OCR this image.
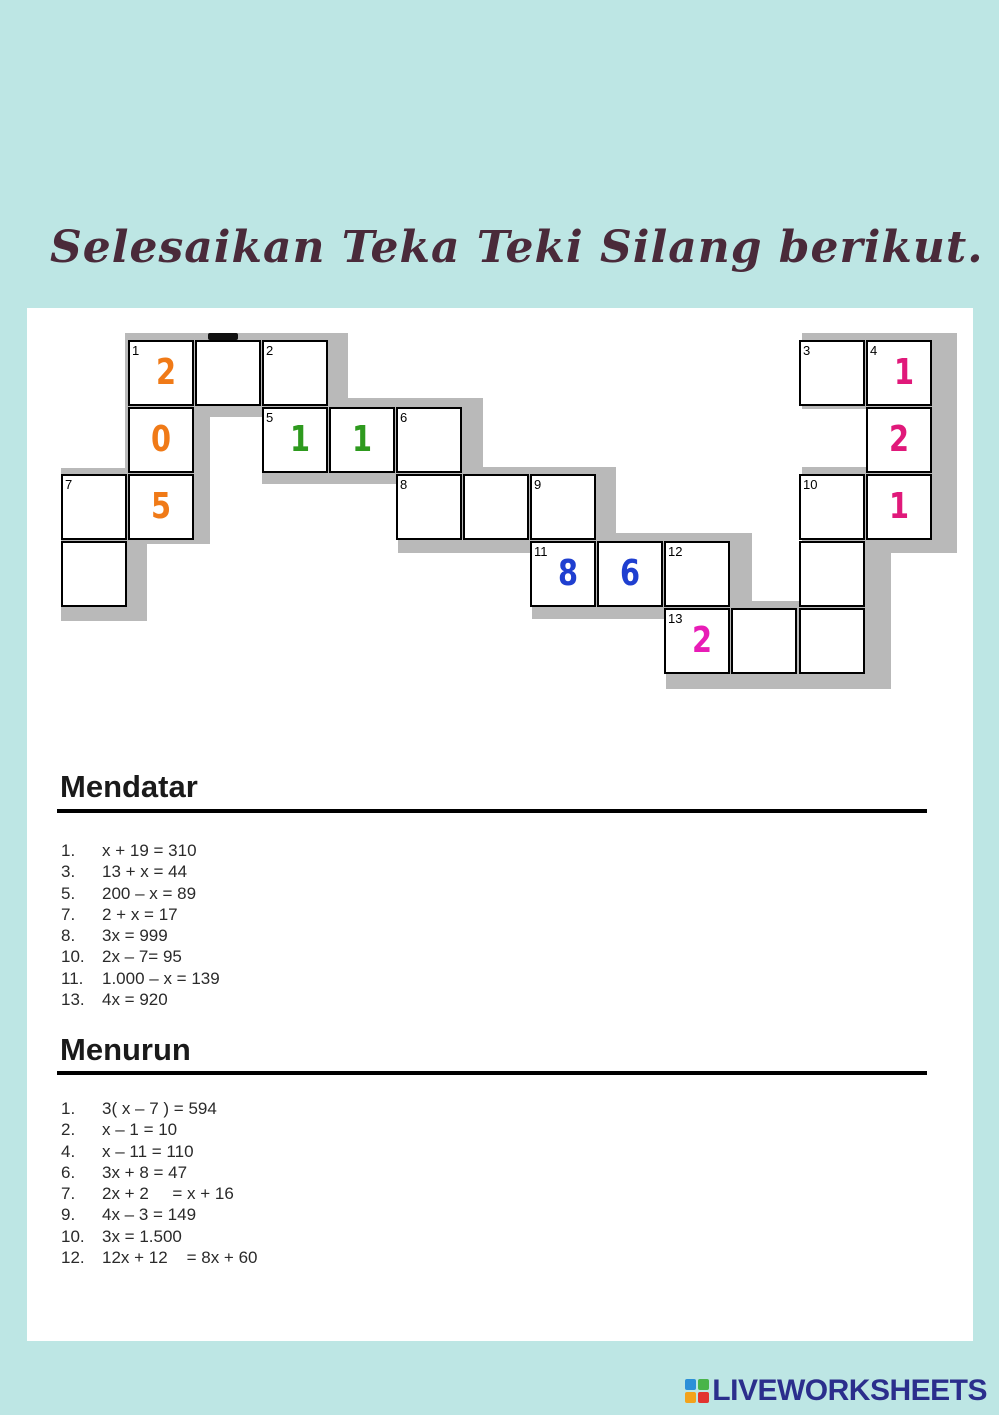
Selesaikan Teka Teki Silang berikut.
1
2
2	3	4
1
0
5
1	1
6
2
7
5
8	9	10
1
11
8	6
12
13
2
Mendatar
1.	x + 19 = 310
3.	13 + x = 44
5.	200 – x = 89
7.	2 + x = 17
8.	3x = 999
10.	2x – 7= 95
11.	1.000 – x = 139
13.	4x = 920
Menurun
1.	3( x – 7 ) = 594
2.	x – 1 = 10
4.	x – 11 = 110
6.	3x + 8 = 47
7.	2x + 2     = x + 16
9.	4x – 3 = 149
10.	3x = 1.500
12.	12x + 12    = 8x + 60
LIVEWORKSHEETS
